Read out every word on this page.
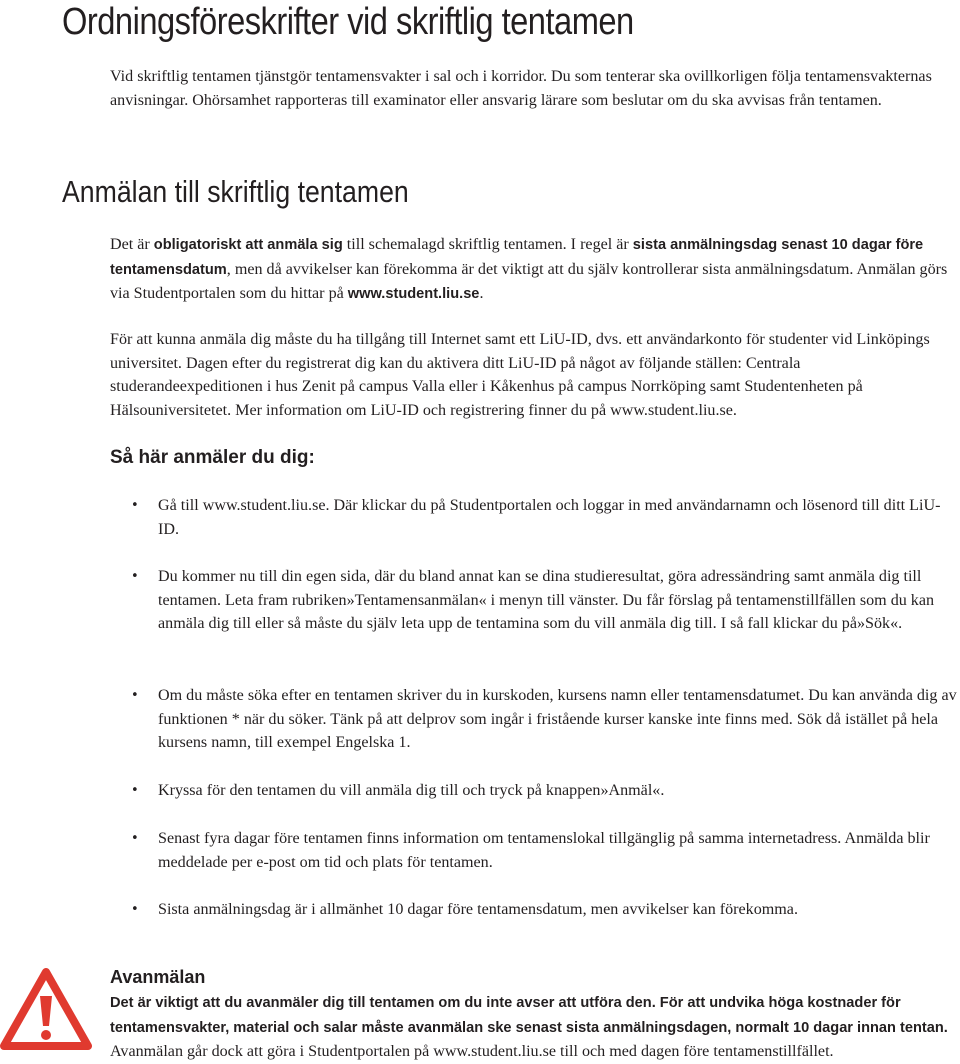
Ordningsföreskrifter vid skriftlig tentamen

Vid skriftlig tentamen tjänstgör tentamensvakter i sal och i korridor. Du som tenterar ska ovillkorligen följa tentamensvakternas anvisningar. Ohörsamhet rapporteras till examinator eller ansvarig lärare som beslutar om du ska avvisas från tentamen.

Anmälan till skriftlig tentamen

Det är obligatoriskt att anmäla sig till schemalagd skriftlig tentamen. I regel är sista anmälningsdag senast 10 dagar före tentamensdatum, men då avvikelser kan förekomma är det viktigt att du själv kontrollerar sista anmälningsdatum. Anmälan görs via Studentportalen som du hittar på www.student.liu.se.

För att kunna anmäla dig måste du ha tillgång till Internet samt ett LiU-ID, dvs. ett användarkonto för studenter vid Linköpings universitet. Dagen efter du registrerat dig kan du aktivera ditt LiU-ID på något av följande ställen: Centrala studerandeexpeditionen i hus Zenit på campus Valla eller i Kåkenhus på campus Norrköping samt Studentenheten på Hälsouniversitetet. Mer information om LiU-ID och registrering finner du på www.student.liu.se.

Så här anmäler du dig:
• Gå till www.student.liu.se. Där klickar du på Studentportalen och loggar in med användarnamn och lösenord till ditt LiU-ID.
• Du kommer nu till din egen sida, där du bland annat kan se dina studieresultat, göra adressändring samt anmäla dig till tentamen. Leta fram rubriken»Tentamensanmälan« i menyn till vänster. Du får förslag på tentamenstillfällen som du kan anmäla dig till eller så måste du själv leta upp de tentamina som du vill anmäla dig till. I så fall klickar du på»Sök«.
• Om du måste söka efter en tentamen skriver du in kurskoden, kursens namn eller tentamensdatumet. Du kan använda dig av funktionen * när du söker. Tänk på att delprov som ingår i fristående kurser kanske inte finns med. Sök då istället på hela kursens namn, till exempel Engelska 1.
• Kryssa för den tentamen du vill anmäla dig till och tryck på knappen»Anmäl«.
• Senast fyra dagar före tentamen finns information om tentamenslokal tillgänglig på samma internetadress. Anmälda blir meddelade per e-post om tid och plats för tentamen.
• Sista anmälningsdag är i allmänhet 10 dagar före tentamensdatum, men avvikelser kan förekomma.
Avanmälan

Det är viktigt att du avanmäler dig till tentamen om du inte avser att utföra den. För att undvika höga kostnader för tentamensvakter, material och salar måste avanmälan ske senast sista anmälningsdagen, normalt 10 dagar innan tentan. Avanmälan går dock att göra i Studentportalen på www.student.liu.se till och med dagen före tentamenstillfället.
